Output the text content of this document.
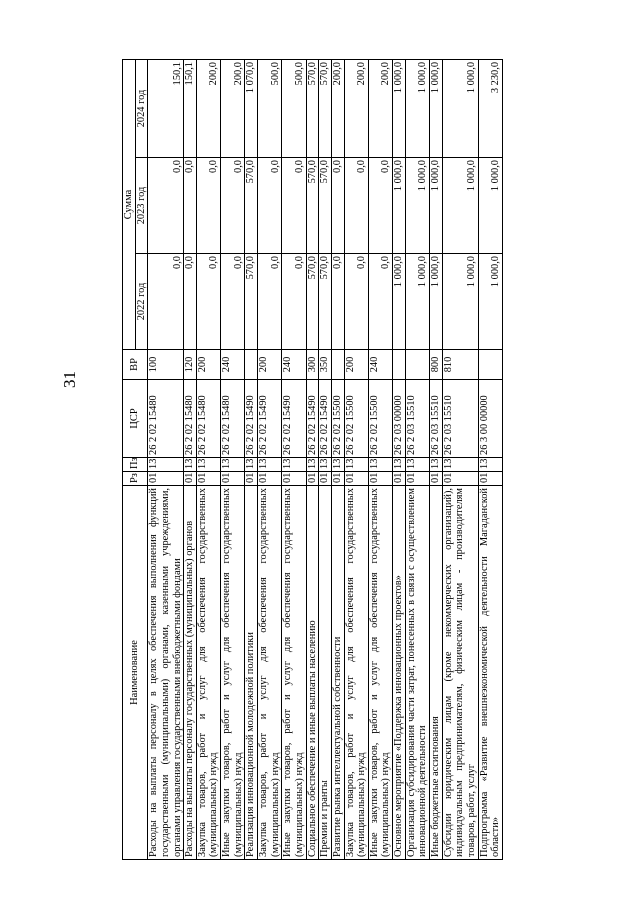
31
Наименование	Рз	Пз	ЦСР	ВР	Сумма		
					2022 год	2023 год	2024 год
Расходы на выплаты персоналу в целях обеспечения выполнения функций государственными (муниципальными) органами, казенными учреждениями, органами управления государственными внебюджетными фондами	01	13	26 2 02 15480	100	0,0	0,0	150,1
Расходы на выплаты персоналу государственных (муниципальных) органов	01	13	26 2 02 15480	120	0,0	0,0	150,1
Закупка товаров, работ и услуг для обеспечения государственных (муниципальных) нужд	01	13	26 2 02 15480	200	0,0	0,0	200,0
Иные закупки товаров, работ и услуг для обеспечения государственных (муниципальных) нужд	01	13	26 2 02 15480	240	0,0	0,0	200,0
Реализация инновационной молодежной политики	01	13	26 2 02 15490		570,0	570,0	1 070,0
Закупка товаров, работ и услуг для обеспечения государственных (муниципальных) нужд	01	13	26 2 02 15490	200	0,0	0,0	500,0
Иные закупки товаров, работ и услуг для обеспечения государственных (муниципальных) нужд	01	13	26 2 02 15490	240	0,0	0,0	500,0
Социальное обеспечение и иные выплаты населению	01	13	26 2 02 15490	300	570,0	570,0	570,0
Премии и гранты	01	13	26 2 02 15490	350	570,0	570,0	570,0
Развитие рынка интеллектуальной собственности	01	13	26 2 02 15500		0,0	0,0	200,0
Закупка товаров, работ и услуг для обеспечения государственных (муниципальных) нужд	01	13	26 2 02 15500	200	0,0	0,0	200,0
Иные закупки товаров, работ и услуг для обеспечения государственных (муниципальных) нужд	01	13	26 2 02 15500	240	0,0	0,0	200,0
Основное мероприятие «Поддержка инновационных проектов»	01	13	26 2 03 00000		1 000,0	1 000,0	1 000,0
Организация субсидирования части затрат, понесенных в связи с осуществлением инновационной деятельности	01	13	26 2 03 15510		1 000,0	1 000,0	1 000,0
Иные бюджетные ассигнования	01	13	26 2 03 15510	800	1 000,0	1 000,0	1 000,0
Субсидии юридическим лицам (кроме некоммерческих организаций), индивидуальным предпринимателям, физическим лицам - производителям товаров, работ, услуг	01	13	26 2 03 15510	810	1 000,0	1 000,0	1 000,0
Подпрограмма «Развитие внешнеэкономической деятельности Магаданской области»	01	13	26 3 00 00000		1 000,0	1 000,0	3 230,0
